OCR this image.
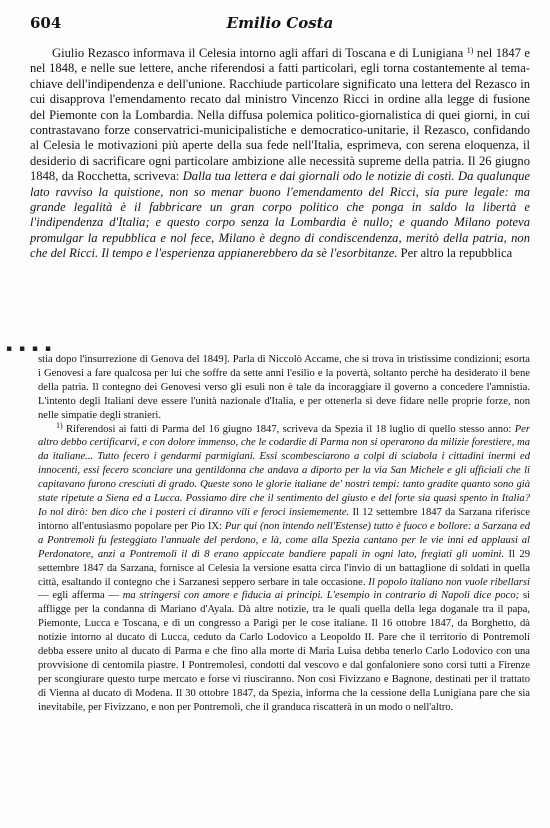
604	Emilio Costa

Giulio Rezasco informava il Celesia intorno agli affari di Toscana e di Lunigiana $^{1)}$ nel 1847 e nel 1848, e nelle sue lettere, anche riferendosi a fatti particolari, egli torna costantemente al tema-chiave dell'indipendenza e dell'unione. Racchiude particolare significato una lettera del Rezasco in cui disapprova l'emendamento recato dal ministro Vincenzo Ricci in ordine alla legge di fusione del Piemonte con la Lombardia. Nella diffusa polemica politico-giornalistica di quei giorni, in cui contrastavano forze conservatrici-municipalistiche e democratico-unitarie, il Rezasco, confidando al Celesia le motivazioni più aperte della sua fede nell'Italia, esprimeva, con serena eloquenza, il desiderio di sacrificare ogni particolare ambizione alle necessità supreme della patria. Il 26 giugno 1848, da Rocchetta, scriveva: Dalla tua lettera e dai giornali odo le notizie di costì. Da qualunque lato ravviso la quistione, non so menar buono l'emendamento del Ricci, sia pure legale: ma grande legalità è il fabbricare un gran corpo politico che ponga in saldo la libertà e l'indipendenza d'Italia; e questo corpo senza la Lombardia è nullo; e quando Milano poteva promulgar la repubblica e nol fece, Milano è degno di condiscendenza, meritò della patria, non che del Ricci. Il tempo e l'esperienza appianerebbero da sè l'esorbitanze. Per altro la repubblica

▪ ▪ ▪ ▪

stia dopo l'insurrezione di Genova del 1849]. Parla di Niccolò Accame, che si trova in tristissime condizioni; esorta i Genovesi a fare qualcosa per lui che soffre da sette anni l'esilio e la povertà, soltanto perchè ha desiderato il bene della patria. Il contegno dei Genovesi verso gli esuli non è tale da incoraggiare il governo a concedere l'amnistia. L'intento degli Italiani deve essere l'unità nazionale d'Italia, e per ottenerla si deve fidare nelle proprie forze, non nelle simpatie degli stranieri.

$^{1)}$ Riferendosi ai fatti di Parma del 16 giugno 1847, scriveva da Spezia il 18 luglio di quello stesso anno: Per altro debbo certificarvi, e con dolore immenso, che le codardie di Parma non si operarono da milizie forestiere, ma da italiane... Tutto fecero i gendarmi parmigiani. Essi scombesciarono a colpi di sciabola i cittadini inermi ed innocenti, essi fecero sconciare una gentildonna che andava a diporto per la via San Michele e gli ufficiali che li capitavano furono cresciuti di grado. Queste sono le glorie italiane de' nostri tempi: tanto gradite quanto sono già state ripetute a Siena ed a Lucca. Possiamo dire che il sentimento del giusto e del forte sia quasi spento in Italia? Io nol dirò: ben dico che i posteri ci diranno vili e feroci insiememente. Il 12 settembre 1847 da Sarzana riferisce intorno all'entusiasmo popolare per Pio IX: Pur qui (non intendo nell'Estense) tutto è fuoco e bollore: a Sarzana ed a Pontremoli fu festeggiato l'annuale del perdono, e là, come alla Spezia cantano per le vie inni ed applausi al Perdonatore, anzi a Pontremoli il dì 8 erano appiccate bandiere papali in ogni lato, fregiati gli uomini. Il 29 settembre 1847 da Sarzana, fornisce al Celesia la versione esatta circa l'invio di un battaglione di soldati in quella città, esaltando il contegno che i Sarzanesi seppero serbare in tale occasione. Il popolo italiano non vuole ribellarsi — egli afferma — ma stringersi con amore e fiducia ai principi. L'esempio in contrario di Napoli dice poco; si affligge per la condanna di Mariano d'Ayala. Dà altre notizie, tra le quali quella della lega doganale tra il papa, Piemonte, Lucca e Toscana, e di un congresso a Parigi per le cose italiane. Il 16 ottobre 1847, da Borghetto, dà notizie intorno al ducato di Lucca, ceduto da Carlo Lodovico a Leopoldo II. Pare che il territorio di Pontremoli debba essere unito al ducato di Parma e che fino alla morte di Maria Luisa debba tenerlo Carlo Lodovico con una provvisione di centomila piastre. I Pontremolesi, condotti dal vescovo e dal gonfaloniere sono corsi tutti a Firenze per scongiurare questo turpe mercato e forse vi riusciranno. Non così Fivizzano e Bagnone, destinati per il trattato di Vienna al ducato di Modena. Il 30 ottobre 1847, da Spezia, informa che la cessione della Lunigiana pare che sia inevitabile, per Fivizzano, e non per Pontremoli, che il granduca riscatterà in un modo o nell'altro.
